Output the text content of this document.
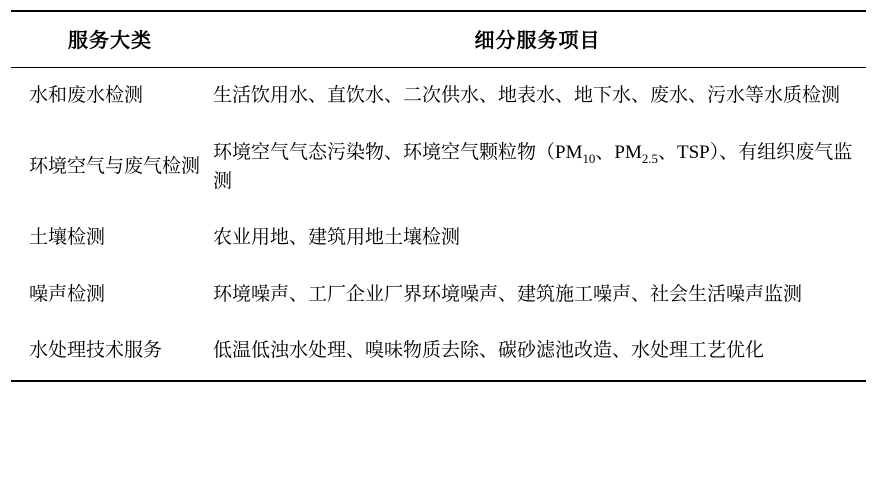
服务大类	细分服务项目
水和废水检测	生活饮用水、直饮水、二次供水、地表水、地下水、废水、污水等水质检测
环境空气与废气检测	环境空气气态污染物、环境空气颗粒物（$PM_{10}$、$PM_{2.5}$、TSP）、有组织废气监测
土壤检测	农业用地、建筑用地土壤检测
噪声检测	环境噪声、工厂企业厂界环境噪声、建筑施工噪声、社会生活噪声监测
水处理技术服务	低温低浊水处理、嗅味物质去除、碳砂滤池改造、水处理工艺优化
